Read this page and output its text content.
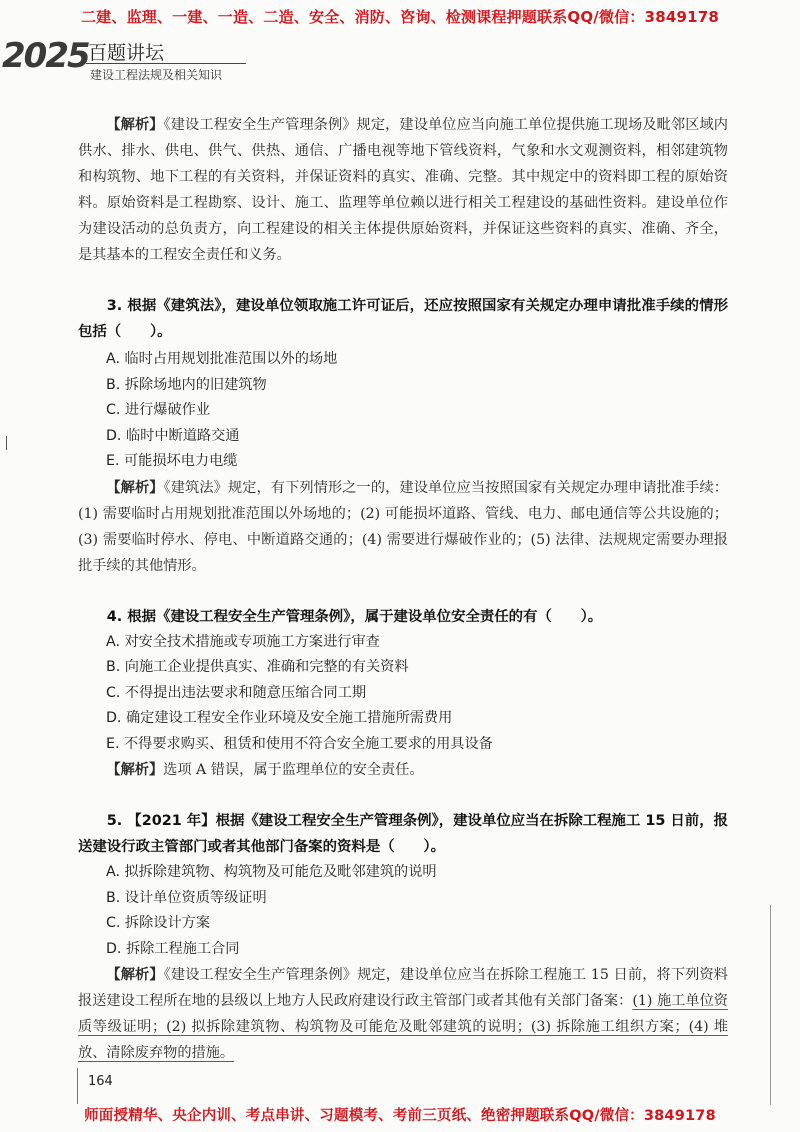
二建、监理、一建、一造、二造、安全、消防、咨询、检测课程押题联系QQ/微信：3849178
2025 百题讲坛
建设工程法规及相关知识

【解析】《建设工程安全生产管理条例》规定，建设单位应当向施工单位提供施工现场及毗邻区域内供水、排水、供电、供气、供热、通信、广播电视等地下管线资料，气象和水文观测资料，相邻建筑物和构筑物、地下工程的有关资料，并保证资料的真实、准确、完整。其中规定中的资料即工程的原始资料。原始资料是工程勘察、设计、施工、监理等单位赖以进行相关工程建设的基础性资料。建设单位作为建设活动的总负责方，向工程建设的相关主体提供原始资料，并保证这些资料的真实、准确、齐全，是其基本的工程安全责任和义务。

3. 根据《建筑法》，建设单位领取施工许可证后，还应按照国家有关规定办理申请批准手续的情形包括（　　）。

A. 临时占用规划批准范围以外的场地

B. 拆除场地内的旧建筑物

C. 进行爆破作业

D. 临时中断道路交通

E. 可能损坏电力电缆

【解析】《建筑法》规定，有下列情形之一的，建设单位应当按照国家有关规定办理申请批准手续：(1) 需要临时占用规划批准范围以外场地的；(2) 可能损坏道路、管线、电力、邮电通信等公共设施的；(3) 需要临时停水、停电、中断道路交通的；(4) 需要进行爆破作业的；(5) 法律、法规规定需要办理报批手续的其他情形。

4. 根据《建设工程安全生产管理条例》，属于建设单位安全责任的有（　　）。

A. 对安全技术措施或专项施工方案进行审查

B. 向施工企业提供真实、准确和完整的有关资料

C. 不得提出违法要求和随意压缩合同工期

D. 确定建设工程安全作业环境及安全施工措施所需费用

E. 不得要求购买、租赁和使用不符合安全施工要求的用具设备

【解析】选项 A 错误，属于监理单位的安全责任。

5. 【2021 年】根据《建设工程安全生产管理条例》，建设单位应当在拆除工程施工 15 日前，报送建设行政主管部门或者其他部门备案的资料是（　　）。

A. 拟拆除建筑物、构筑物及可能危及毗邻建筑的说明

B. 设计单位资质等级证明

C. 拆除设计方案

D. 拆除工程施工合同

【解析】《建设工程安全生产管理条例》规定，建设单位应当在拆除工程施工 15 日前，将下列资料报送建设工程所在地的县级以上地方人民政府建设行政主管部门或者其他有关部门备案：(1) 施工单位资质等级证明；(2) 拟拆除建筑物、构筑物及可能危及毗邻建筑的说明；(3) 拆除施工组织方案；(4) 堆放、清除废弃物的措施。

164
师面授精华、央企内训、考点串讲、习题模考、考前三页纸、绝密押题联系QQ/微信：3849178
